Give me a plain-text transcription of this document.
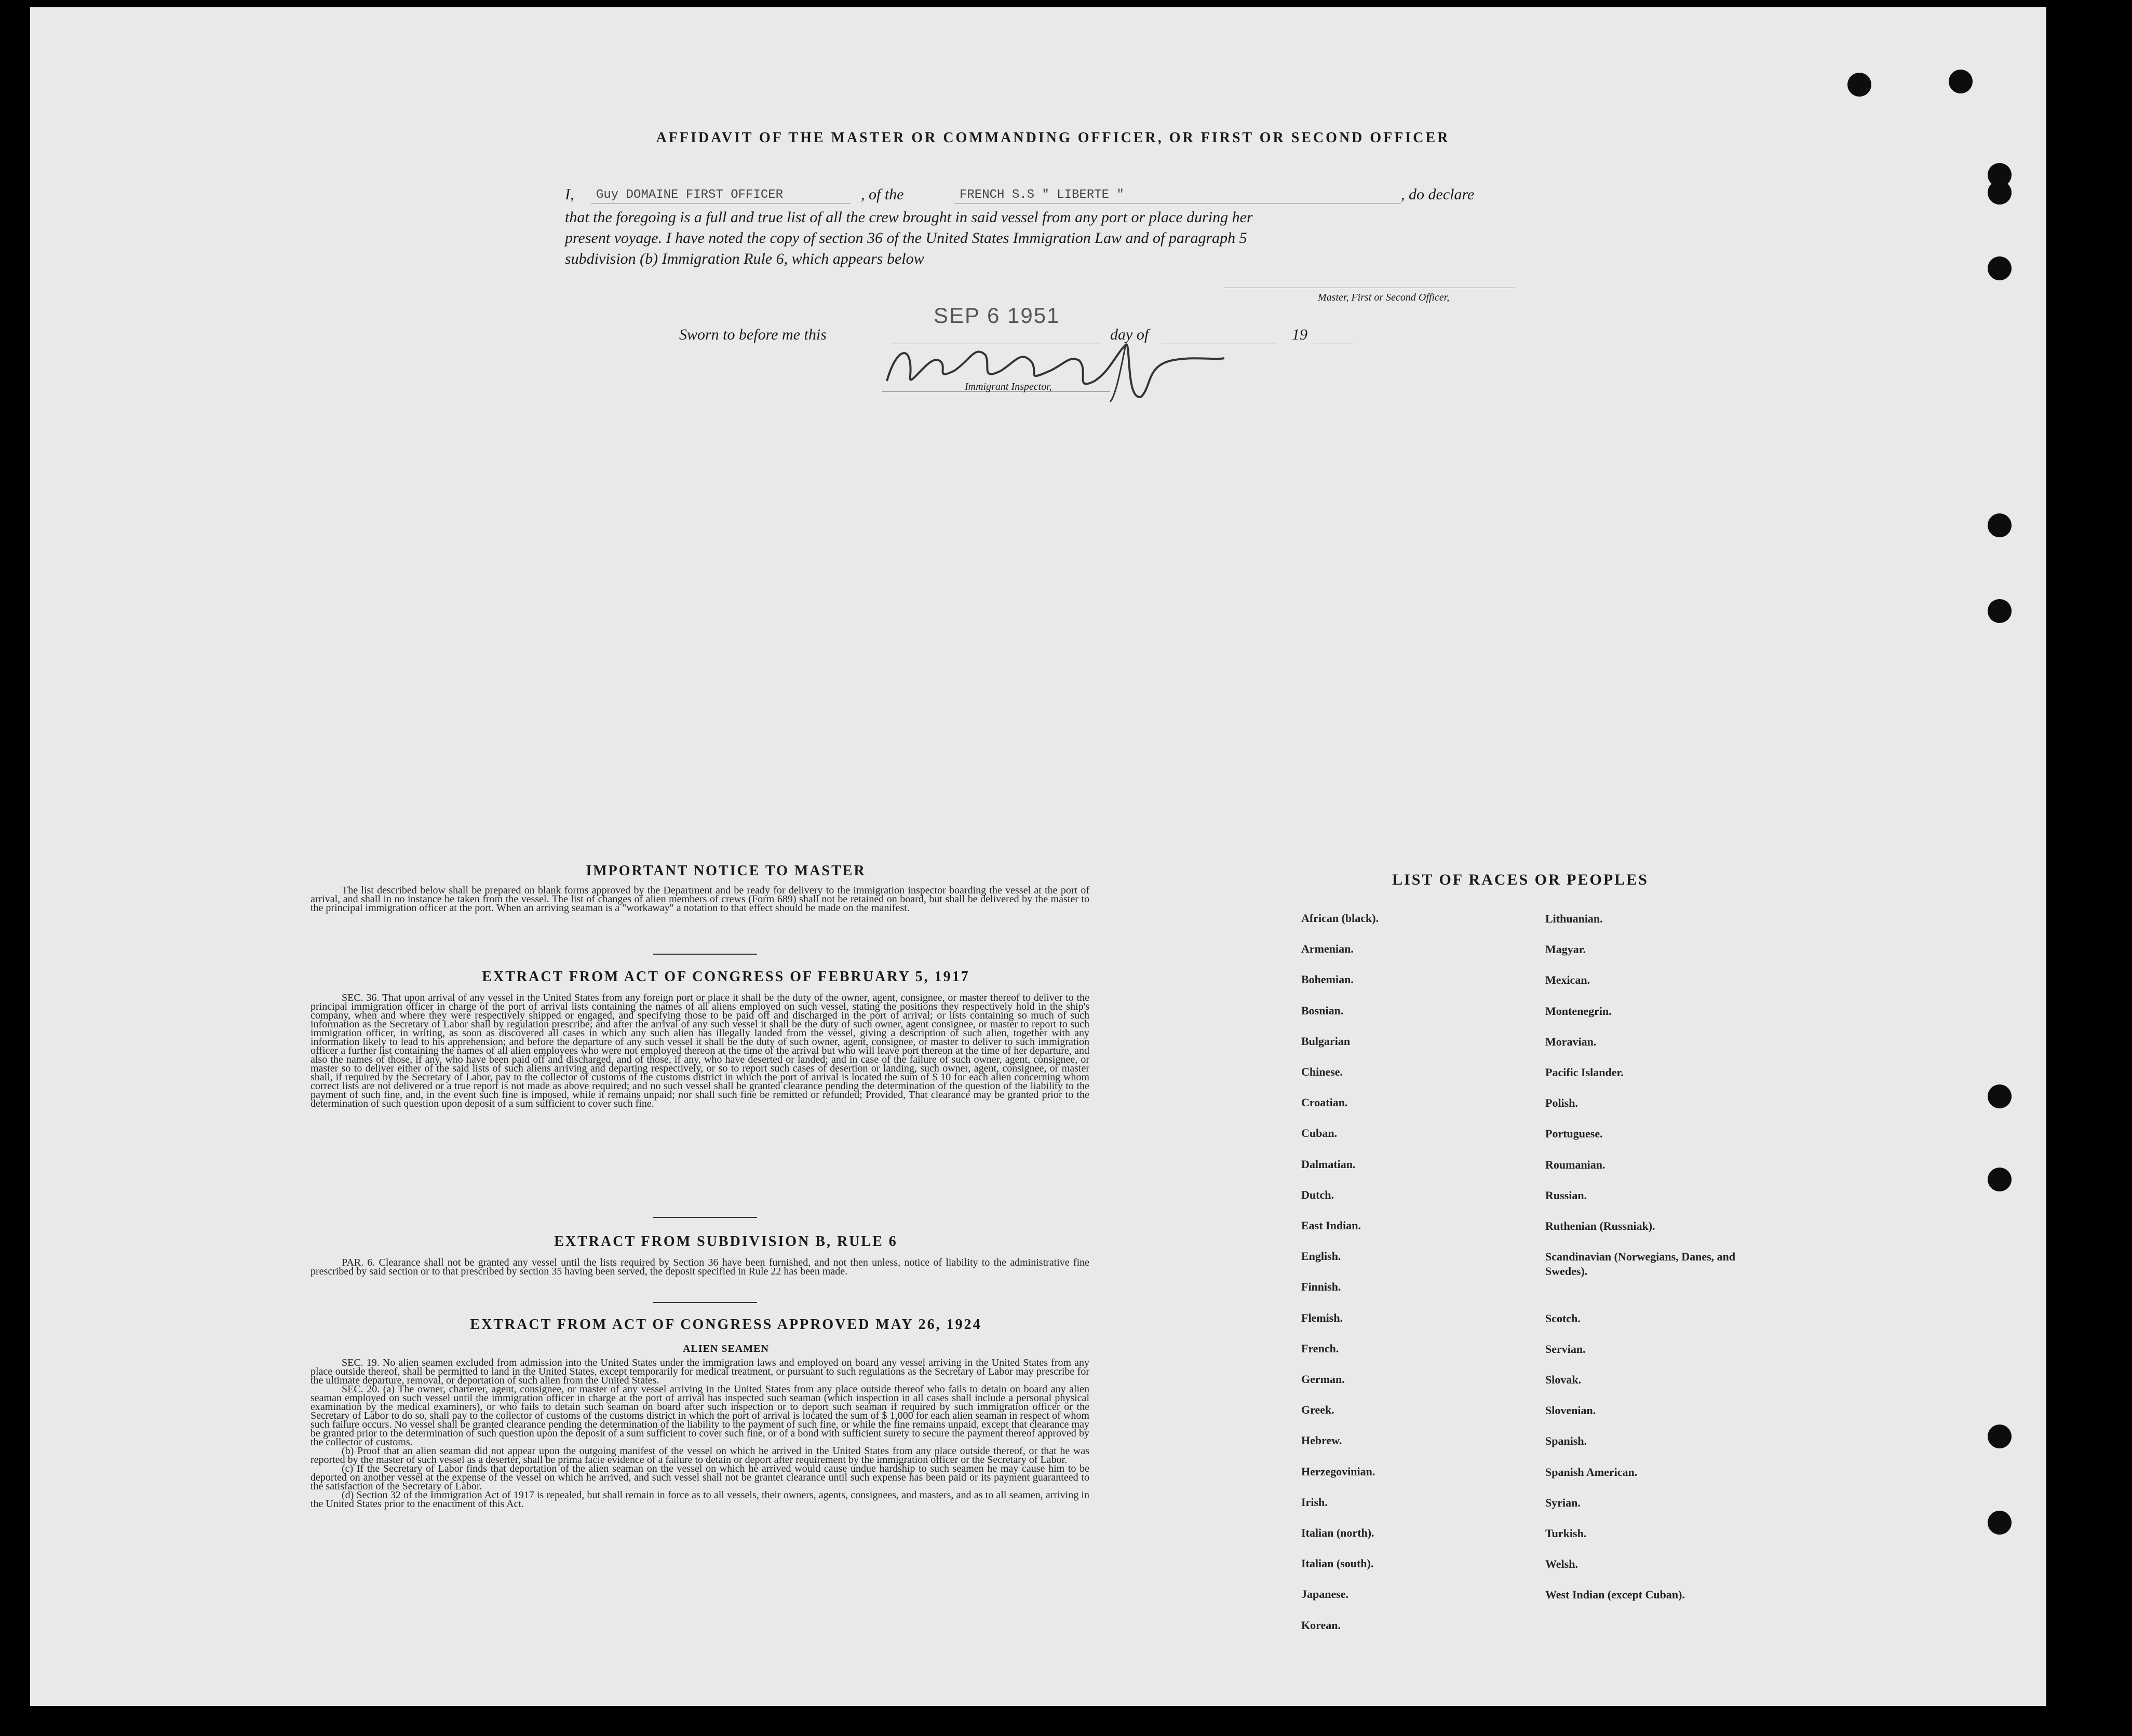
AFFIDAVIT OF THE MASTER OR COMMANDING OFFICER, OR FIRST OR SECOND OFFICER
I, Guy DOMAINE FIRST OFFICER	, of the	FRENCH S.S " LIBERTE "	, do declare
that the foregoing is a full and true list of all the crew brought in said vessel from any port or place during her
present voyage. I have noted the copy of section 36 of the United States Immigration Law and of paragraph 5
subdivision (b) Immigration Rule 6, which appears below
Master, First or Second Officer,
SEP 6 1951
Sworn to before me this	day of	19
Immigrant Inspector,
IMPORTANT NOTICE TO MASTER
The list described below shall be prepared on blank forms approved by the Department and be ready for delivery to the immigration inspector boarding the vessel at the port of arrival, and shall in no instance be taken from the vessel. The list of changes of alien members of crews (Form 689) shall not be retained on board, but shall be delivered by the master to the principal immigration officer at the port. When an arriving seaman is a "workaway" a notation to that effect should be made on the manifest.
EXTRACT FROM ACT OF CONGRESS OF FEBRUARY 5, 1917
SEC. 36. That upon arrival of any vessel in the United States from any foreign port or place it shall be the duty of the owner, agent, consignee, or master thereof to deliver to the principal immigration officer in charge of the port of arrival lists containing the names of all aliens employed on such vessel, stating the positions they respectively hold in the ship's company, when and where they were respectively shipped or engaged, and specifying those to be paid off and discharged in the port of arrival; or lists containing so much of such information as the Secretary of Labor shall by regulation prescribe; and after the arrival of any such vessel it shall be the duty of such owner, agent consignee, or master to report to such immigration officer, in writing, as soon as discovered all cases in which any such alien has illegally landed from the vessel, giving a description of such alien, together with any information likely to lead to his apprehension; and before the departure of any such vessel it shall be the duty of such owner, agent, consignee, or master to deliver to such immigration officer a further list containing the names of all alien employees who were not employed thereon at the time of the arrival but who will leave port thereon at the time of her departure, and also the names of those, if any, who have been paid off and discharged, and of those, if any, who have deserted or landed; and in case of the failure of such owner, agent, consignee, or master so to deliver either of the said lists of such aliens arriving and departing respectively, or so to report such cases of desertion or landing, such owner, agent, consignee, or master shall, if required by the Secretary of Labor, pay to the collector of customs of the customs district in which the port of arrival is located the sum of $ 10 for each alien concerning whom correct lists are not delivered or a true report is not made as above required; and no such vessel shall be granted clearance pending the determination of the question of the liability to the payment of such fine, and, in the event such fine is imposed, while it remains unpaid; nor shall such fine be remitted or refunded; Provided, That clearance may be granted prior to the determination of such question upon deposit of a sum sufficient to cover such fine.
EXTRACT FROM SUBDIVISION B, RULE 6
PAR. 6. Clearance shall not be granted any vessel until the lists required by Section 36 have been furnished, and not then unless, notice of liability to the administrative fine prescribed by said section or to that prescribed by section 35 having been served, the deposit specified in Rule 22 has been made.
EXTRACT FROM ACT OF CONGRESS APPROVED MAY 26, 1924
ALIEN SEAMEN
SEC. 19. No alien seamen excluded from admission into the United States under the immigration laws and employed on board any vessel arriving in the United States from any place outside thereof, shall be permitted to land in the United States, except temporarily for medical treatment, or pursuant to such regulations as the Secretary of Labor may prescribe for the ultimate departure, removal, or deportation of such alien from the United States.
SEC. 20. (a) The owner, charterer, agent, consignee, or master of any vessel arriving in the United States from any place outside thereof who fails to detain on board any alien seaman employed on such vessel until the immigration officer in charge at the port of arrival has inspected such seaman (which inspection in all cases shall include a personal physical examination by the medical examiners), or who fails to detain such seaman on board after such inspection or to deport such seaman if required by such immigration officer or the Secretary of Labor to do so, shall pay to the collector of customs of the customs district in which the port of arrival is located the sum of $ 1,000 for each alien seaman in respect of whom such failure occurs. No vessel shall be granted clearance pending the determination of the liability to the payment of such fine, or while the fine remains unpaid, except that clearance may be granted prior to the determination of such question upon the deposit of a sum sufficient to cover such fine, or of a bond with sufficient surety to secure the payment thereof approved by the collector of customs.
(b) Proof that an alien seaman did not appear upon the outgoing manifest of the vessel on which he arrived in the United States from any place outside thereof, or that he was reported by the master of such vessel as a deserter, shall be prima facie evidence of a failure to detain or deport after requirement by the immigration officer or the Secretary of Labor.
(c) If the Secretary of Labor finds that deportation of the alien seaman on the vessel on which he arrived would cause undue hardship to such seamen he may cause him to be deported on another vessel at the expense of the vessel on which he arrived, and such vessel shall not be grantet clearance until such expense has been paid or its payment guaranteed to the satisfaction of the Secretary of Labor.
(d) Section 32 of the Immigration Act of 1917 is repealed, but shall remain in force as to all vessels, their owners, agents, consignees, and masters, and as to all seamen, arriving in the United States prior to the enactment of this Act.
LIST OF RACES OR PEOPLES
African (black).
Armenian.
Bohemian.
Bosnian.
Bulgarian
Chinese.
Croatian.
Cuban.
Dalmatian.
Dutch.
East Indian.
English.
Finnish.
Flemish.
French.
German.
Greek.
Hebrew.
Herzegovinian.
Irish.
Italian (north).
Italian (south).
Japanese.
Korean.
Lithuanian.
Magyar.
Mexican.
Montenegrin.
Moravian.
Pacific Islander.
Polish.
Portuguese.
Roumanian.
Russian.
Ruthenian (Russniak).
Scandinavian (Norwegians, Danes, and Swedes).
Scotch.
Servian.
Slovak.
Slovenian.
Spanish.
Spanish American.
Syrian.
Turkish.
Welsh.
West Indian (except Cuban).
